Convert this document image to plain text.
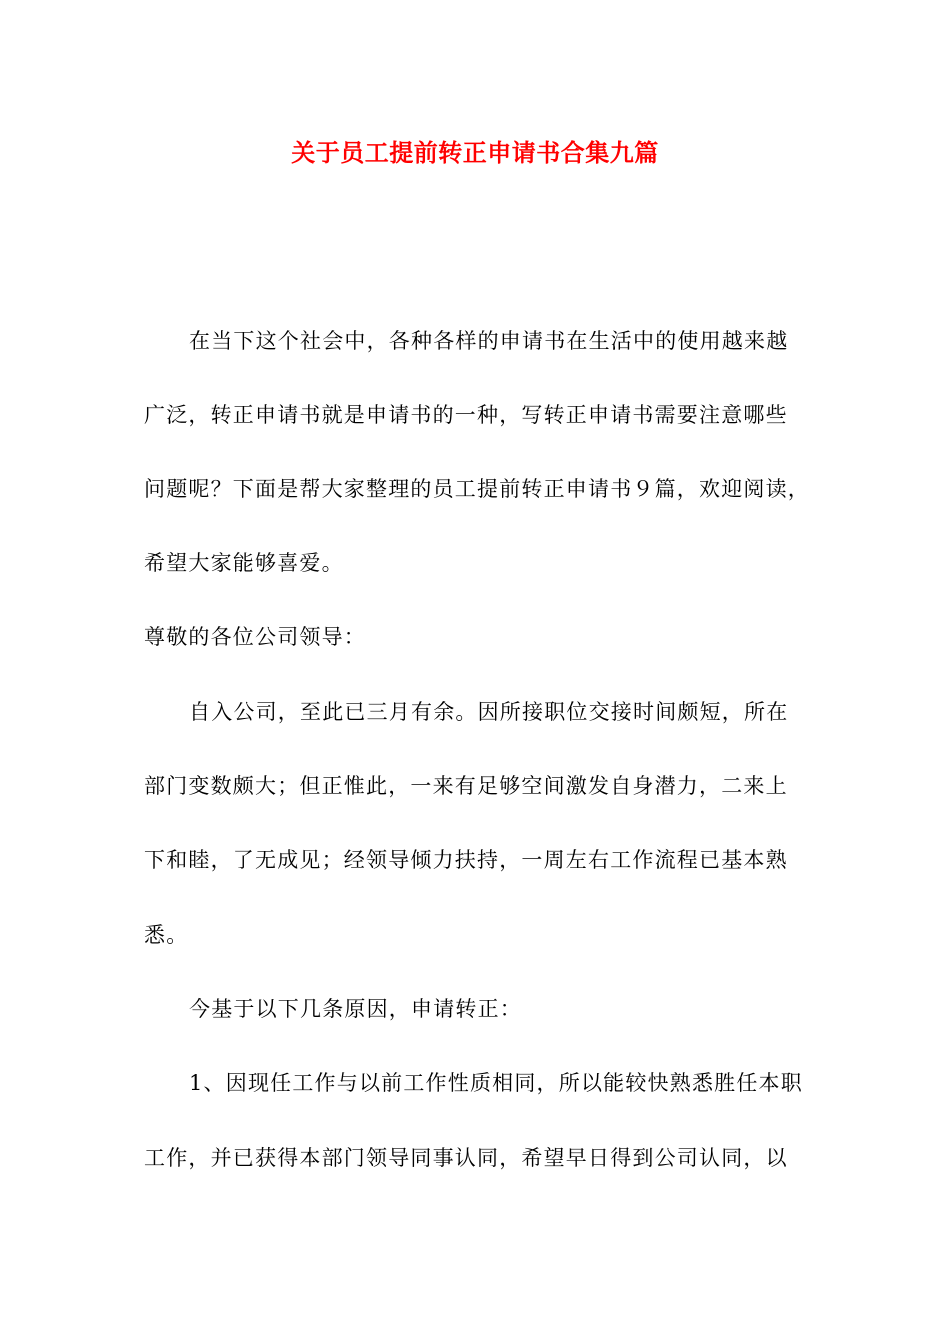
关于员工提前转正申请书合集九篇
在当下这个社会中，各种各样的申请书在生活中的使用越来越
广泛，转正申请书就是申请书的一种，写转正申请书需要注意哪些
问题呢？下面是帮大家整理的员工提前转正申请书９篇，欢迎阅读，
希望大家能够喜爱。
尊敬的各位公司领导：
自入公司，至此已三月有余。因所接职位交接时间颇短，所在
部门变数颇大；但正惟此，一来有足够空间激发自身潜力，二来上
下和睦，了无成见；经领导倾力扶持，一周左右工作流程已基本熟
悉。
今基于以下几条原因，申请转正：
1、因现任工作与以前工作性质相同，所以能较快熟悉胜任本职
工作，并已获得本部门领导同事认同，希望早日得到公司认同，以
